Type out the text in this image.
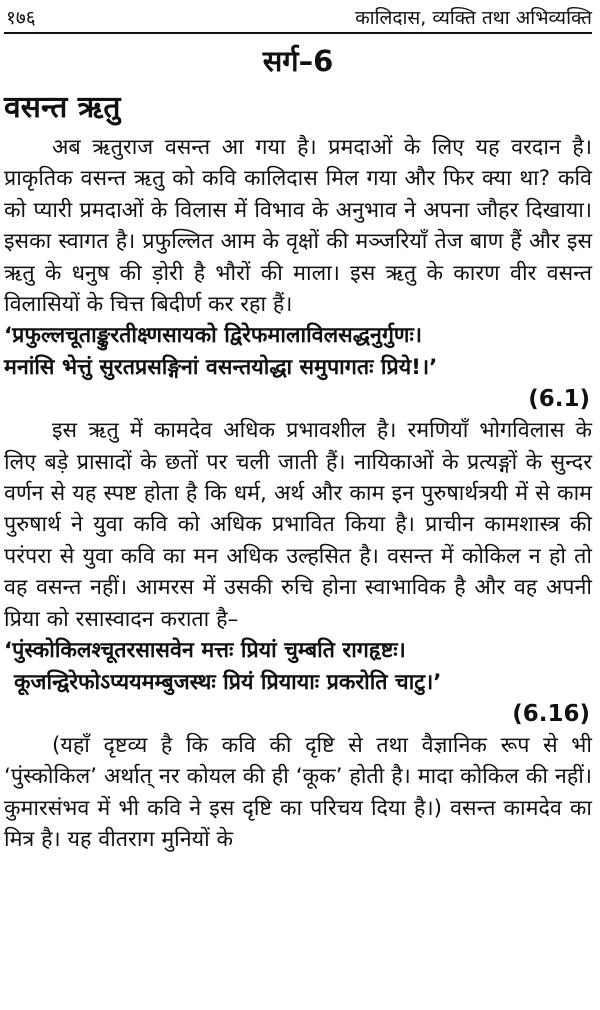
१७६	कालिदास, व्यक्ति तथा अभिव्यक्ति
सर्ग–6
वसन्त ऋतु

अब ऋतुराज वसन्त आ गया है। प्रमदाओं के लिए यह वरदान है। प्राकृतिक वसन्त ऋतु को कवि कालिदास मिल गया और फिर क्या था? कवि को प्यारी प्रमदाओं के विलास में विभाव के अनुभाव ने अपना जौहर दिखाया। इसका स्वागत है। प्रफुल्लित आम के वृक्षों की मञ्जरियाँ तेज बाण हैं और इस ऋतु के धनुष की ड़ोरी है भौरों की माला। इस ऋतु के कारण वीर वसन्त विलासियों के चित्त बिदीर्ण कर रहा हैं।

‘प्रफुल्लचूताङ्कुरतीक्ष्णसायको द्विरेफमालाविलसद्धनुर्गुणः।
मनांसि भेत्तुं सुरतप्रसङ्गिनां वसन्तयोद्धा समुपागतः प्रिये!।’
(6.1)

इस ऋतु में कामदेव अधिक प्रभावशील है। रमणियाँ भोगविलास के लिए बड़े प्रासादों के छतों पर चली जाती हैं। नायिकाओं के प्रत्यङ्गों के सुन्दर वर्णन से यह स्पष्ट होता है कि धर्म, अर्थ और काम इन पुरुषार्थत्रयी में से काम पुरुषार्थ ने युवा कवि को अधिक प्रभावित किया है। प्राचीन कामशास्त्र की परंपरा से युवा कवि का मन अधिक उल्हसित है। वसन्त में कोकिल न हो तो वह वसन्त नहीं। आमरस में उसकी रुचि होना स्वाभाविक है और वह अपनी प्रिया को रसास्वादन कराता है–

‘पुंस्कोकिलश्चूतरसासवेन मत्तः प्रियां चुम्बति रागहृष्टः।
कूजन्द्विरेफोऽप्ययमम्बुजस्थः प्रियं प्रियायाः प्रकरोति चाटु।’
(6.16)

(यहाँ दृष्टव्य है कि कवि की दृष्टि से तथा वैज्ञानिक रूप से भी ‘पुंस्कोकिल’ अर्थात् नर कोयल की ही ‘कूक’ होती है। मादा कोकिल की नहीं। कुमारसंभव में भी कवि ने इस दृष्टि का परिचय दिया है।) वसन्त कामदेव का मित्र है। यह वीतराग मुनियों के
